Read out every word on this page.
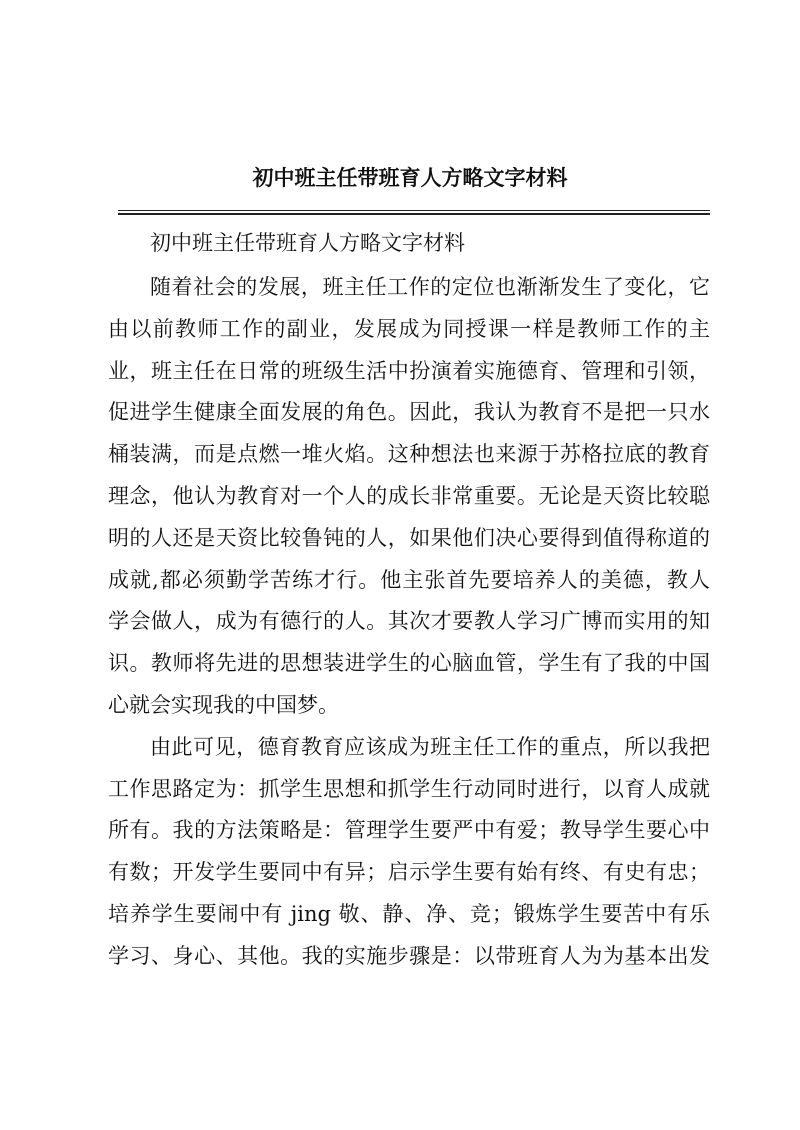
初中班主任带班育人方略文字材料
初中班主任带班育人方略文字材料
随着社会的发展，班主任工作的定位也渐渐发生了变化，它
由以前教师工作的副业，发展成为同授课一样是教师工作的主
业，班主任在日常的班级生活中扮演着实施德育、管理和引领，
促进学生健康全面发展的角色。因此，我认为教育不是把一只水
桶装满，而是点燃一堆火焰。这种想法也来源于苏格拉底的教育
理念，他认为教育对一个人的成长非常重要。无论是天资比较聪
明的人还是天资比较鲁钝的人，如果他们决心要得到值得称道的
成就,都必须勤学苦练才行。他主张首先要培养人的美德，教人
学会做人，成为有德行的人。其次才要教人学习广博而实用的知
识。教师将先进的思想装进学生的心脑血管，学生有了我的中国
心就会实现我的中国梦。
由此可见，德育教育应该成为班主任工作的重点，所以我把
工作思路定为：抓学生思想和抓学生行动同时进行，以育人成就
所有。我的方法策略是：管理学生要严中有爱；教导学生要心中
有数；开发学生要同中有异；启示学生要有始有终、有史有忠；
培养学生要闹中有 jing 敬、静、净、竞；锻炼学生要苦中有乐
学习、身心、其他。我的实施步骤是：以带班育人为为基本出发
